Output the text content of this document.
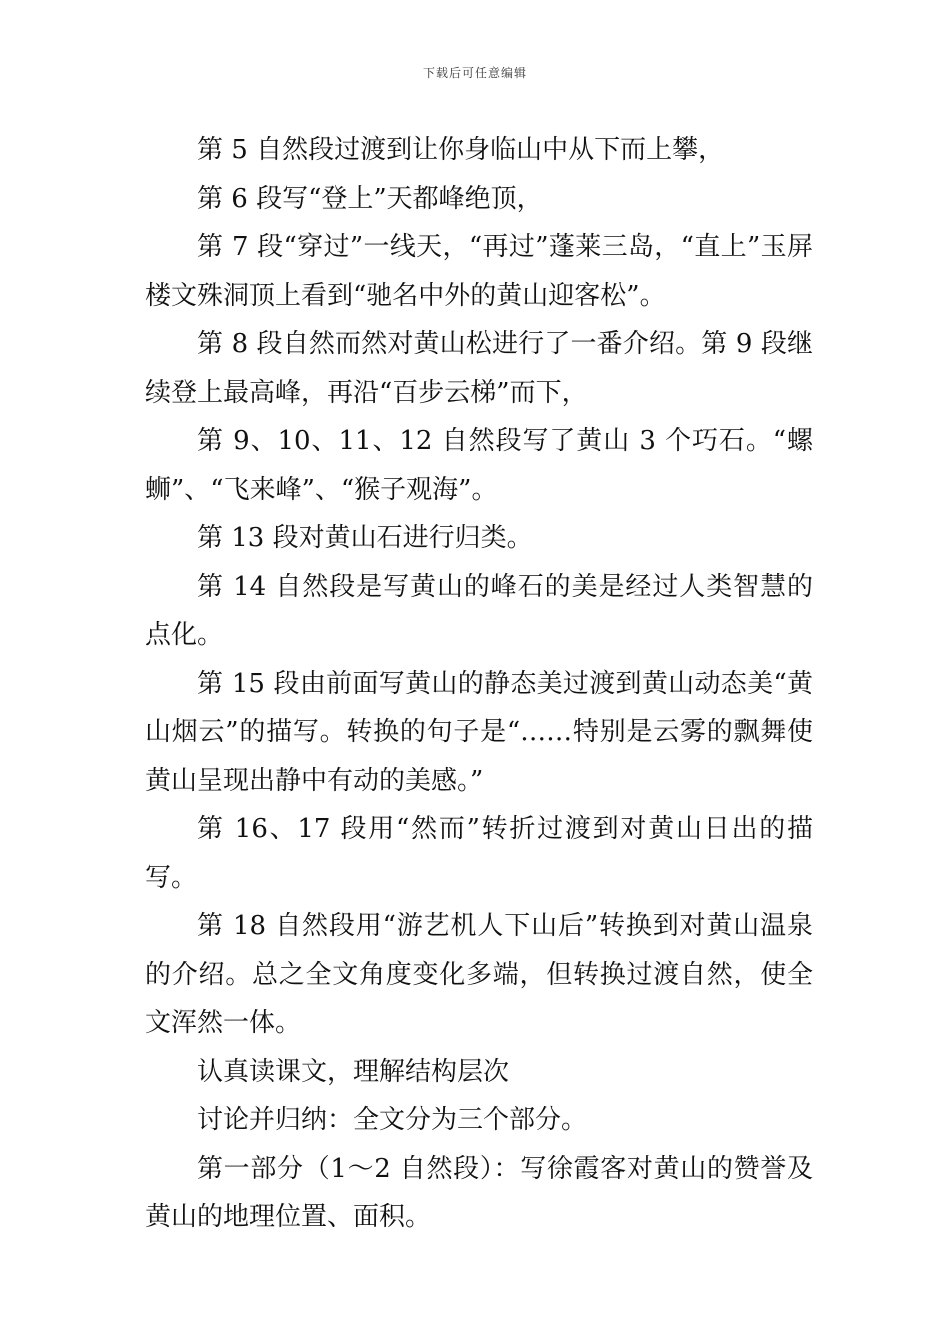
下载后可任意编辑

第 5 自然段过渡到让你身临山中从下而上攀，

第 6 段写“登上”天都峰绝顶，

第 7 段“穿过”一线天，“再过”蓬莱三岛，“直上”玉屏楼文殊洞顶上看到“驰名中外的黄山迎客松”。

第 8 段自然而然对黄山松进行了一番介绍。第 9 段继续登上最高峰，再沿“百步云梯”而下，

第 9、10、11、12 自然段写了黄山 3 个巧石。“螺蛳”、“飞来峰”、“猴子观海”。

第 13 段对黄山石进行归类。

第 14 自然段是写黄山的峰石的美是经过人类智慧的点化。

第 15 段由前面写黄山的静态美过渡到黄山动态美“黄山烟云”的描写。转换的句子是“……特别是云雾的飘舞使黄山呈现出静中有动的美感。”

第 16、17 段用“然而”转折过渡到对黄山日出的描写。

第 18 自然段用“游艺机人下山后”转换到对黄山温泉的介绍。总之全文角度变化多端，但转换过渡自然，使全文浑然一体。

认真读课文，理解结构层次

讨论并归纳：全文分为三个部分。

第一部分（1～2 自然段）：写徐霞客对黄山的赞誉及黄山的地理位置、面积。
